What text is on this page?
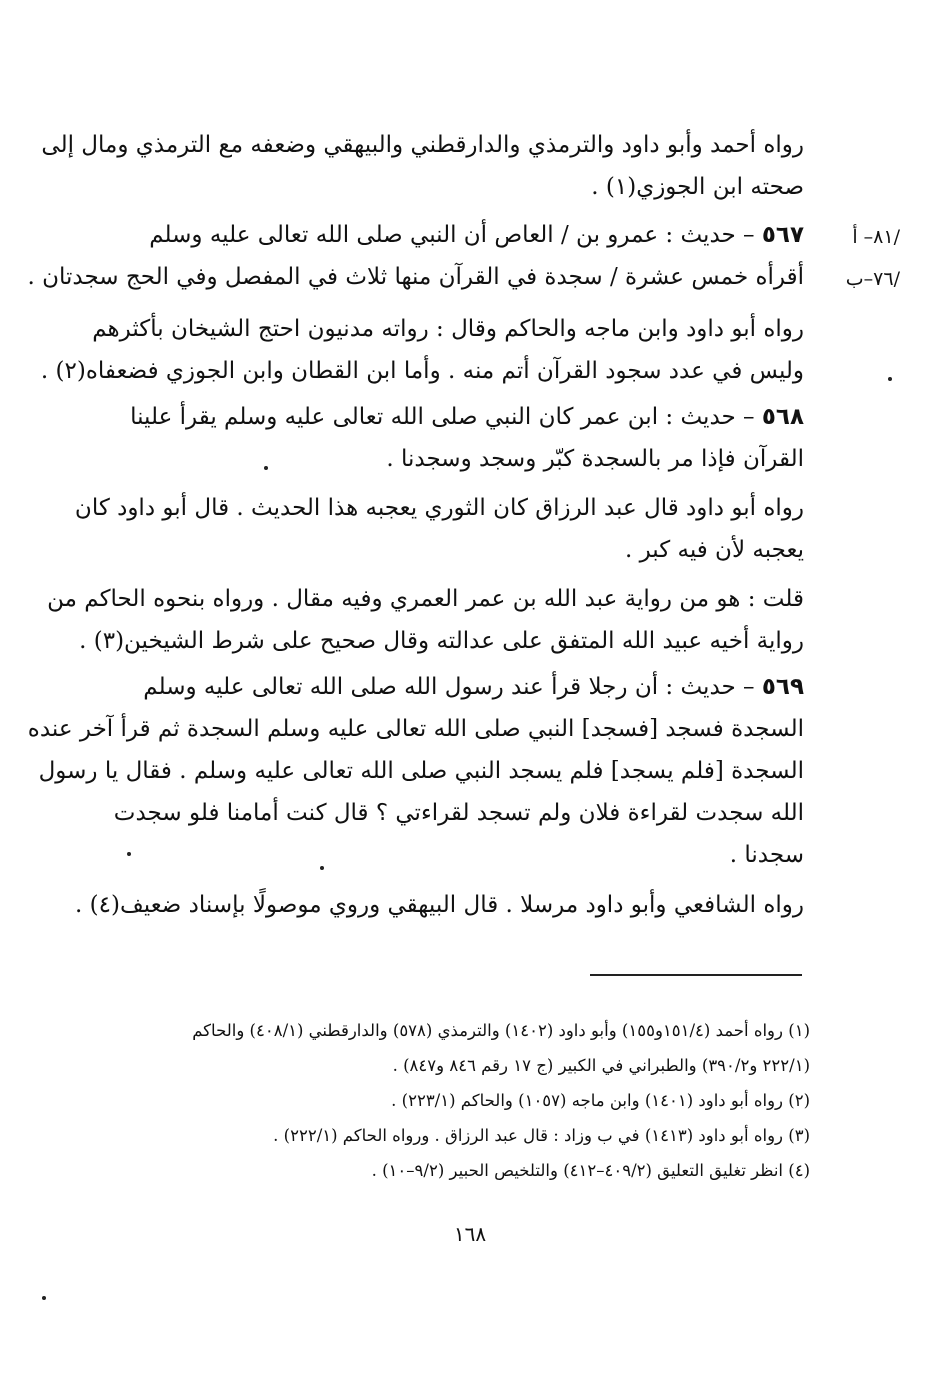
رواه أحمد وأبو داود والترمذي والدارقطني والبيهقي وضعفه مع الترمذي ومال إلى
صحته ابن الجوزي(١) .
٥٦٧ – حديث : عمرو بن / العاص أن النبي صلى الله تعالى عليه وسلم
أقرأه خمس عشرة / سجدة في القرآن منها ثلاث في المفصل وفي الحج سجدتان .
رواه أبو داود وابن ماجه والحاكم وقال : رواته مدنيون احتج الشيخان بأكثرهم
وليس في عدد سجود القرآن أتم منه . وأما ابن القطان وابن الجوزي فضعفاه(٢) .
٥٦٨ – حديث : ابن عمر كان النبي صلى الله تعالى عليه وسلم يقرأ علينا
القرآن فإذا مر بالسجدة كبّر وسجد وسجدنا .
رواه أبو داود قال عبد الرزاق كان الثوري يعجبه هذا الحديث . قال أبو داود كان
يعجبه لأن فيه كبر .
قلت : هو من رواية عبد الله بن عمر العمري وفيه مقال . ورواه بنحوه الحاكم من
رواية أخيه عبيد الله المتفق على عدالته وقال صحيح على شرط الشيخين(٣) .
٥٦٩ – حديث : أن رجلا قرأ عند رسول الله صلى الله تعالى عليه وسلم
السجدة فسجد [فسجد] النبي صلى الله تعالى عليه وسلم السجدة ثم قرأ آخر عنده
السجدة [فلم يسجد] فلم يسجد النبي صلى الله تعالى عليه وسلم . فقال يا رسول
الله سجدت لقراءة فلان ولم تسجد لقراءتي ؟ قال كنت أمامنا فلو سجدت
سجدنا .
رواه الشافعي وأبو داود مرسلا . قال البيهقي وروي موصولًا بإسناد ضعيف(٤) .
/٨١– أ
/٧٦–ب
(١) رواه أحمد (١٥١/٤و١٥٥) وأبو داود (١٤٠٢) والترمذي (٥٧٨) والدارقطني (٤٠٨/١) والحاكم
(٢٢٢/١ و٣٩٠/٢) والطبراني في الكبير (ج ١٧ رقم ٨٤٦ و٨٤٧) .
(٢) رواه أبو داود (١٤٠١) وابن ماجه (١٠٥٧) والحاكم (٢٢٣/١) .
(٣) رواه أبو داود (١٤١٣) في ب وزاد : قال عبد الرزاق . ورواه الحاكم (٢٢٢/١) .
(٤) انظر تغليق التعليق (٤٠٩/٢–٤١٢) والتلخيص الحبير (٩/٢–١٠) .
١٦٨
